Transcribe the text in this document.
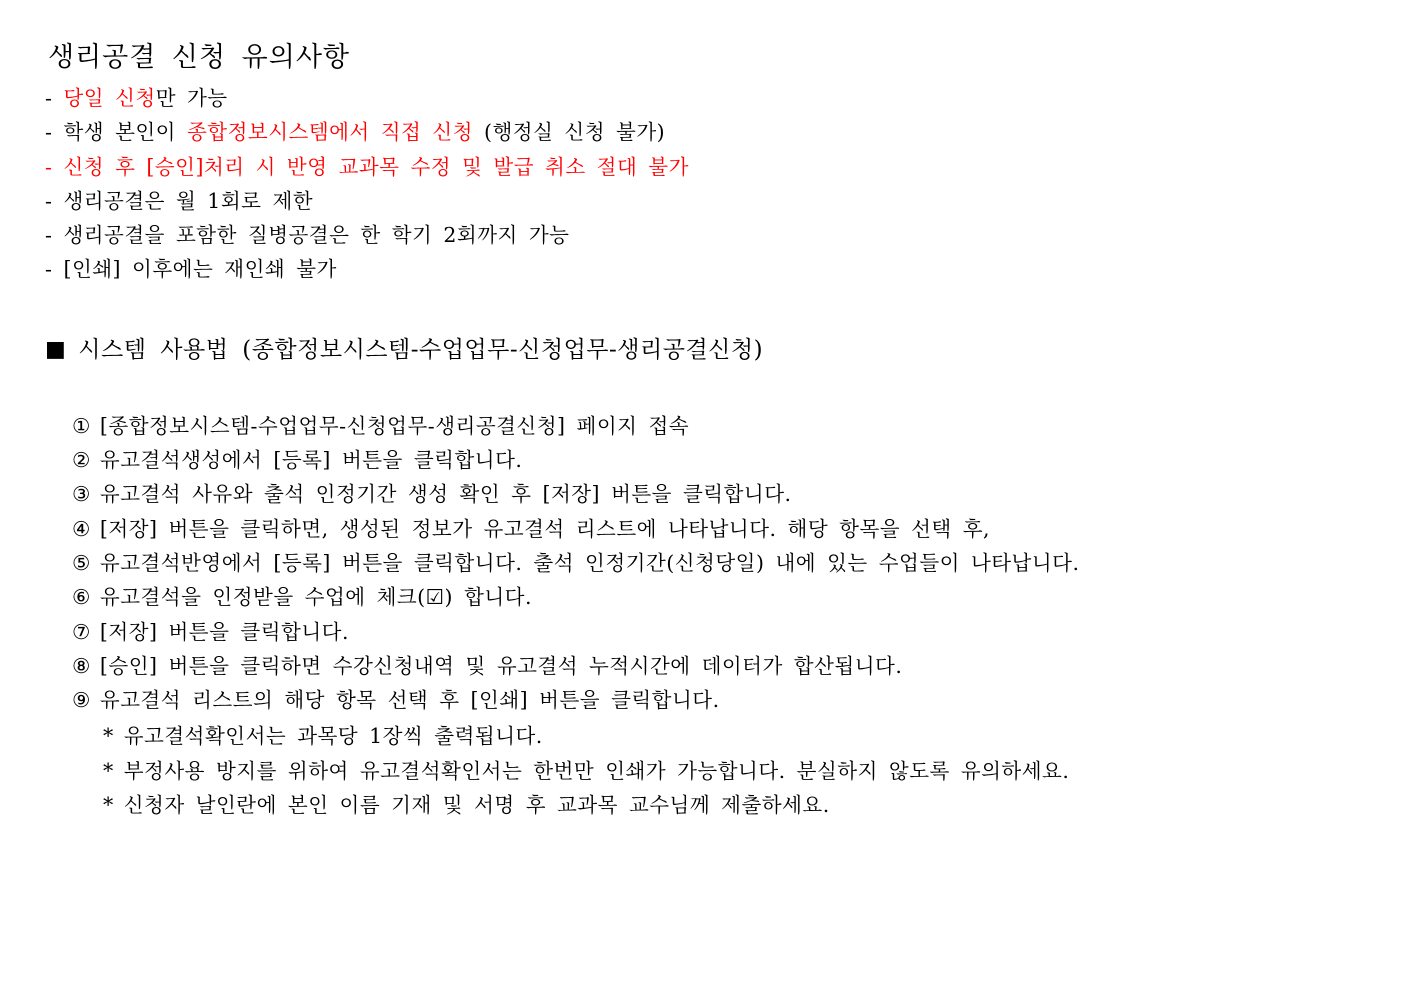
생리공결 신청 유의사항
- 당일 신청만 가능
- 학생 본인이 종합정보시스템에서 직접 신청 (행정실 신청 불가)
- 신청 후 [승인]처리 시 반영 교과목 수정 및 발급 취소 절대 불가
- 생리공결은 월 1회로 제한
- 생리공결을 포함한 질병공결은 한 학기 2회까지 가능
- [인쇄] 이후에는 재인쇄 불가
■ 시스템 사용법 (종합정보시스템-수업업무-신청업무-생리공결신청)
① [종합정보시스템-수업업무-신청업무-생리공결신청] 페이지 접속
② 유고결석생성에서 [등록] 버튼을 클릭합니다.
③ 유고결석 사유와 출석 인정기간 생성 확인 후 [저장] 버튼을 클릭합니다.
④ [저장] 버튼을 클릭하면, 생성된 정보가 유고결석 리스트에 나타납니다. 해당 항목을 선택 후,
⑤ 유고결석반영에서 [등록] 버튼을 클릭합니다. 출석 인정기간(신청당일) 내에 있는 수업들이 나타납니다.
⑥ 유고결석을 인정받을 수업에 체크(☑) 합니다.
⑦ [저장] 버튼을 클릭합니다.
⑧ [승인] 버튼을 클릭하면 수강신청내역 및 유고결석 누적시간에 데이터가 합산됩니다.
⑨ 유고결석 리스트의 해당 항목 선택 후 [인쇄] 버튼을 클릭합니다.
* 유고결석확인서는 과목당 1장씩 출력됩니다.
* 부정사용 방지를 위하여 유고결석확인서는 한번만 인쇄가 가능합니다. 분실하지 않도록 유의하세요.
* 신청자 날인란에 본인 이름 기재 및 서명 후 교과목 교수님께 제출하세요.
